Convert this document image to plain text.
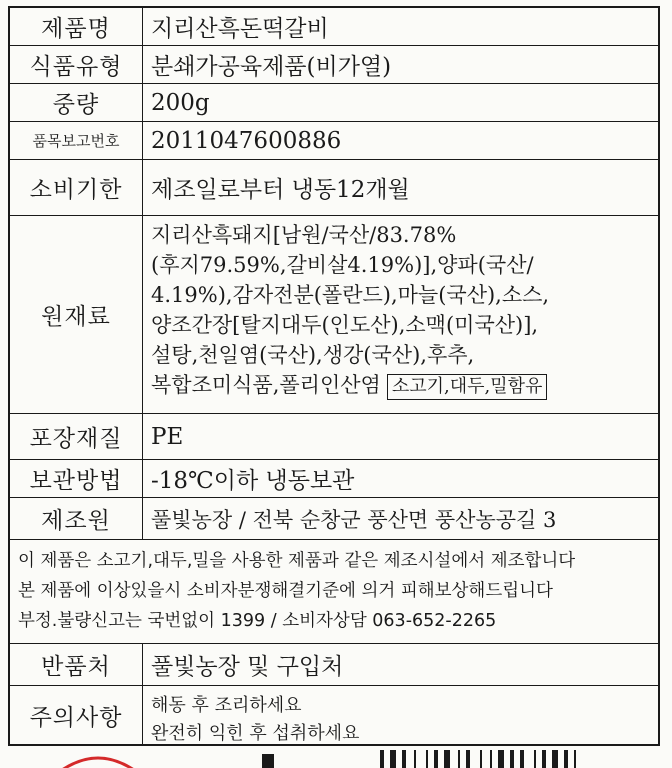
제품명	지리산흑돈떡갈비
식품유형	분쇄가공육제품(비가열)
중량	200g
품목보고번호	2011047600886
소비기한	제조일로부터 냉동12개월
원재료
지리산흑돼지[남원/국산/83.78%
(후지79.59%,갈비살4.19%)],양파(국산/
4.19%),감자전분(폴란드),마늘(국산),소스,
양조간장[탈지대두(인도산),소맥(미국산)],
설탕,천일염(국산),생강(국산),후추,
복합조미식품,폴리인산염 소고기,대두,밀함유
포장재질	PE
보관방법	-18℃이하 냉동보관
제조원	풀빛농장 / 전북 순창군 풍산면 풍산농공길 3
이 제품은 소고기,대두,밀을 사용한 제품과 같은 제조시설에서 제조합니다
본 제품에 이상있을시 소비자분쟁해결기준에 의거 피해보상해드립니다
부정.불량신고는 국번없이 1399 / 소비자상담 063-652-2265
반품처	풀빛농장 및 구입처
주의사항	해동 후 조리하세요
완전히 익힌 후 섭취하세요
